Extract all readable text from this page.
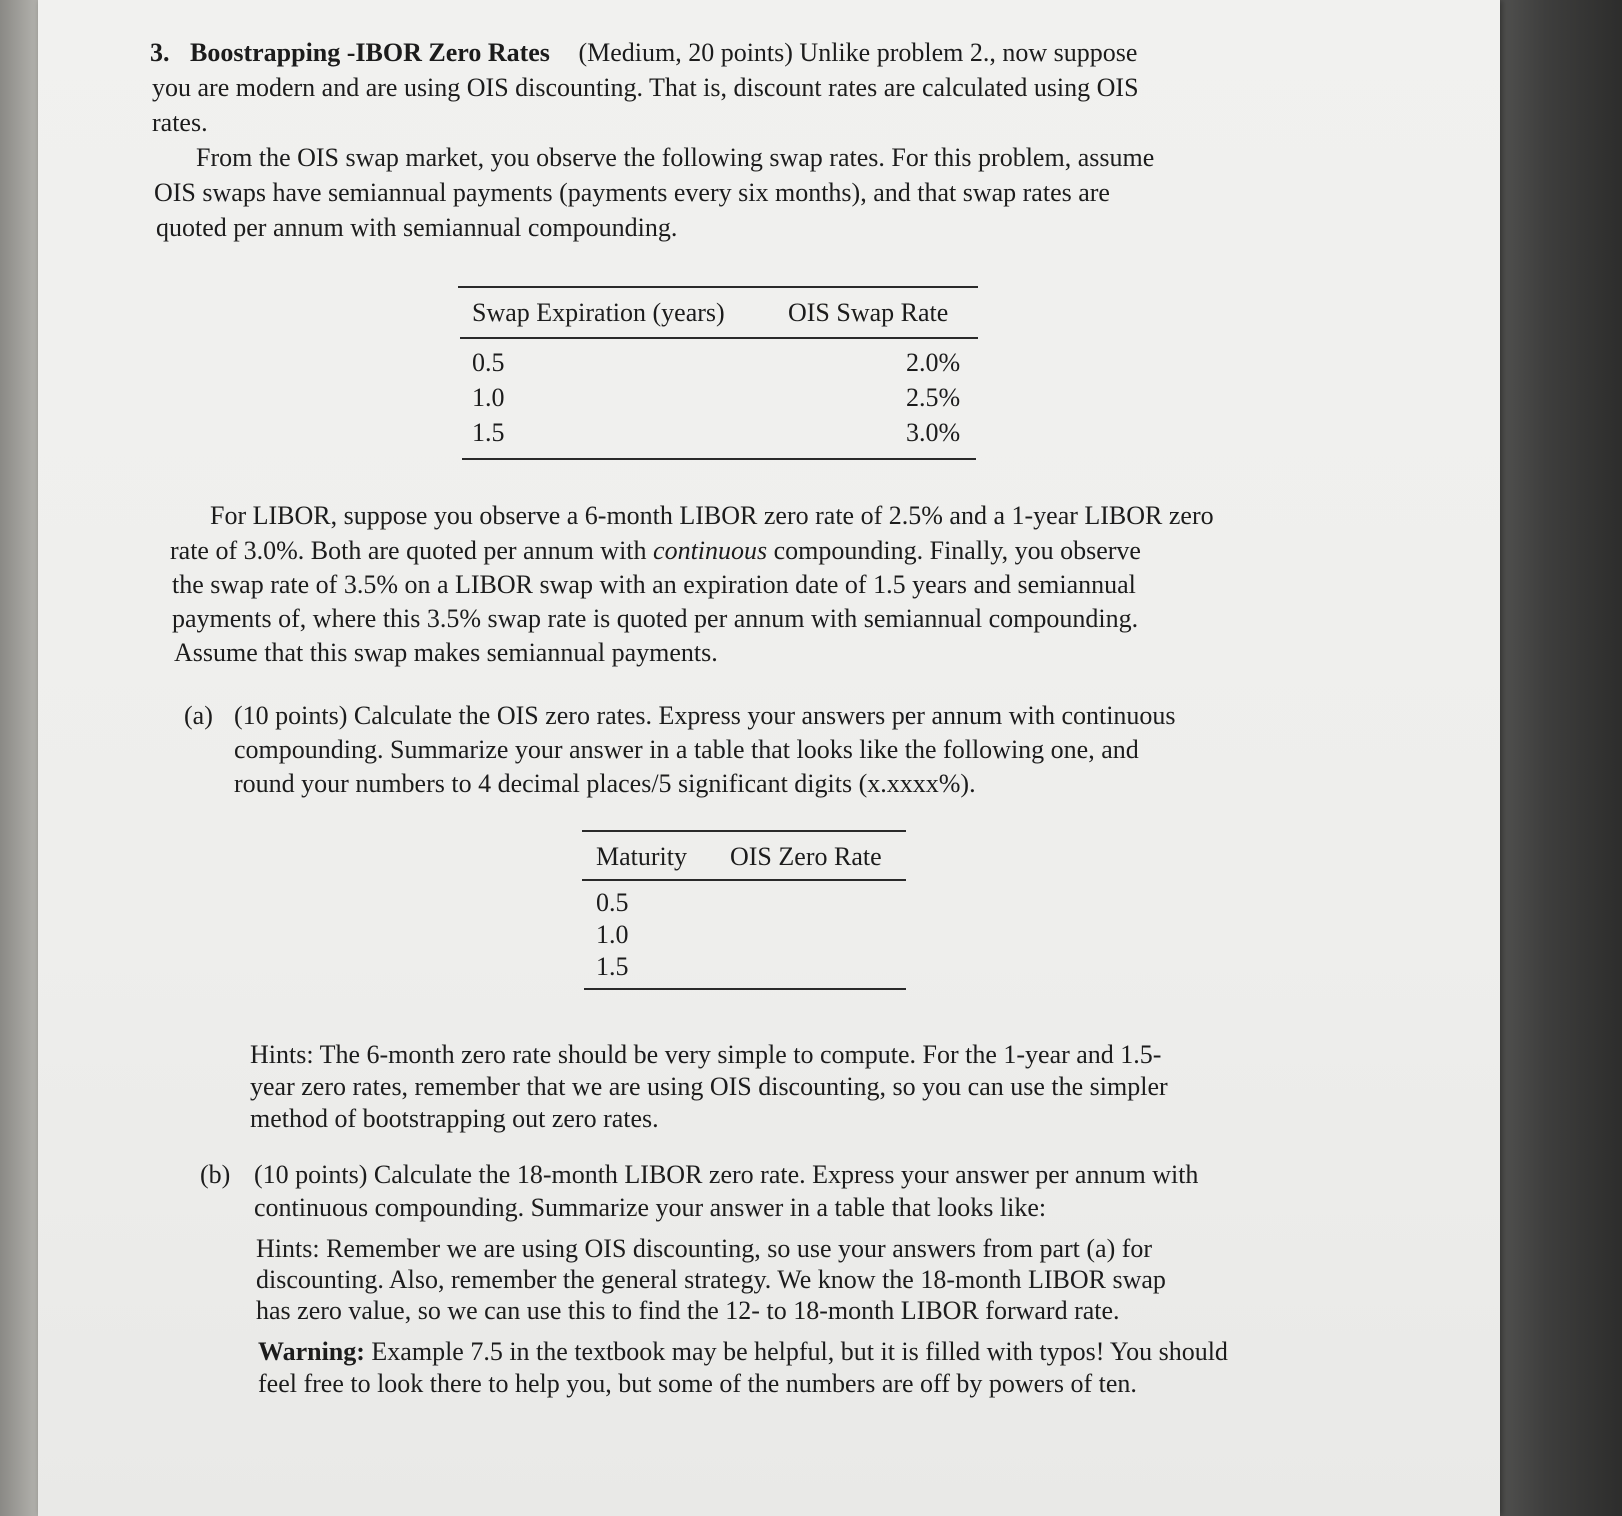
3. Boostrapping -IBOR Zero Rates (Medium, 20 points) Unlike problem 2., now suppose
you are modern and are using OIS discounting. That is, discount rates are calculated using OIS
rates.
From the OIS swap market, you observe the following swap rates. For this problem, assume
OIS swaps have semiannual payments (payments every six months), and that swap rates are
quoted per annum with semiannual compounding.
Swap Expiration (years) OIS Swap Rate
0.5	2.0%
1.0	2.5%
1.5	3.0%
For LIBOR, suppose you observe a 6-month LIBOR zero rate of 2.5% and a 1-year LIBOR zero
rate of 3.0%. Both are quoted per annum with continuous compounding. Finally, you observe
the swap rate of 3.5% on a LIBOR swap with an expiration date of 1.5 years and semiannual
payments of, where this 3.5% swap rate is quoted per annum with semiannual compounding.
Assume that this swap makes semiannual payments.
(a) (10 points) Calculate the OIS zero rates. Express your answers per annum with continuous
compounding. Summarize your answer in a table that looks like the following one, and
round your numbers to 4 decimal places/5 significant digits (x.xxxx%).
Maturity OIS Zero Rate
0.5
1.0
1.5
Hints: The 6-month zero rate should be very simple to compute. For the 1-year and 1.5-
year zero rates, remember that we are using OIS discounting, so you can use the simpler
method of bootstrapping out zero rates.
(b) (10 points) Calculate the 18-month LIBOR zero rate. Express your answer per annum with
continuous compounding. Summarize your answer in a table that looks like:
Hints: Remember we are using OIS discounting, so use your answers from part (a) for
discounting. Also, remember the general strategy. We know the 18-month LIBOR swap
has zero value, so we can use this to find the 12- to 18-month LIBOR forward rate.
Warning: Example 7.5 in the textbook may be helpful, but it is filled with typos! You should
feel free to look there to help you, but some of the numbers are off by powers of ten.
